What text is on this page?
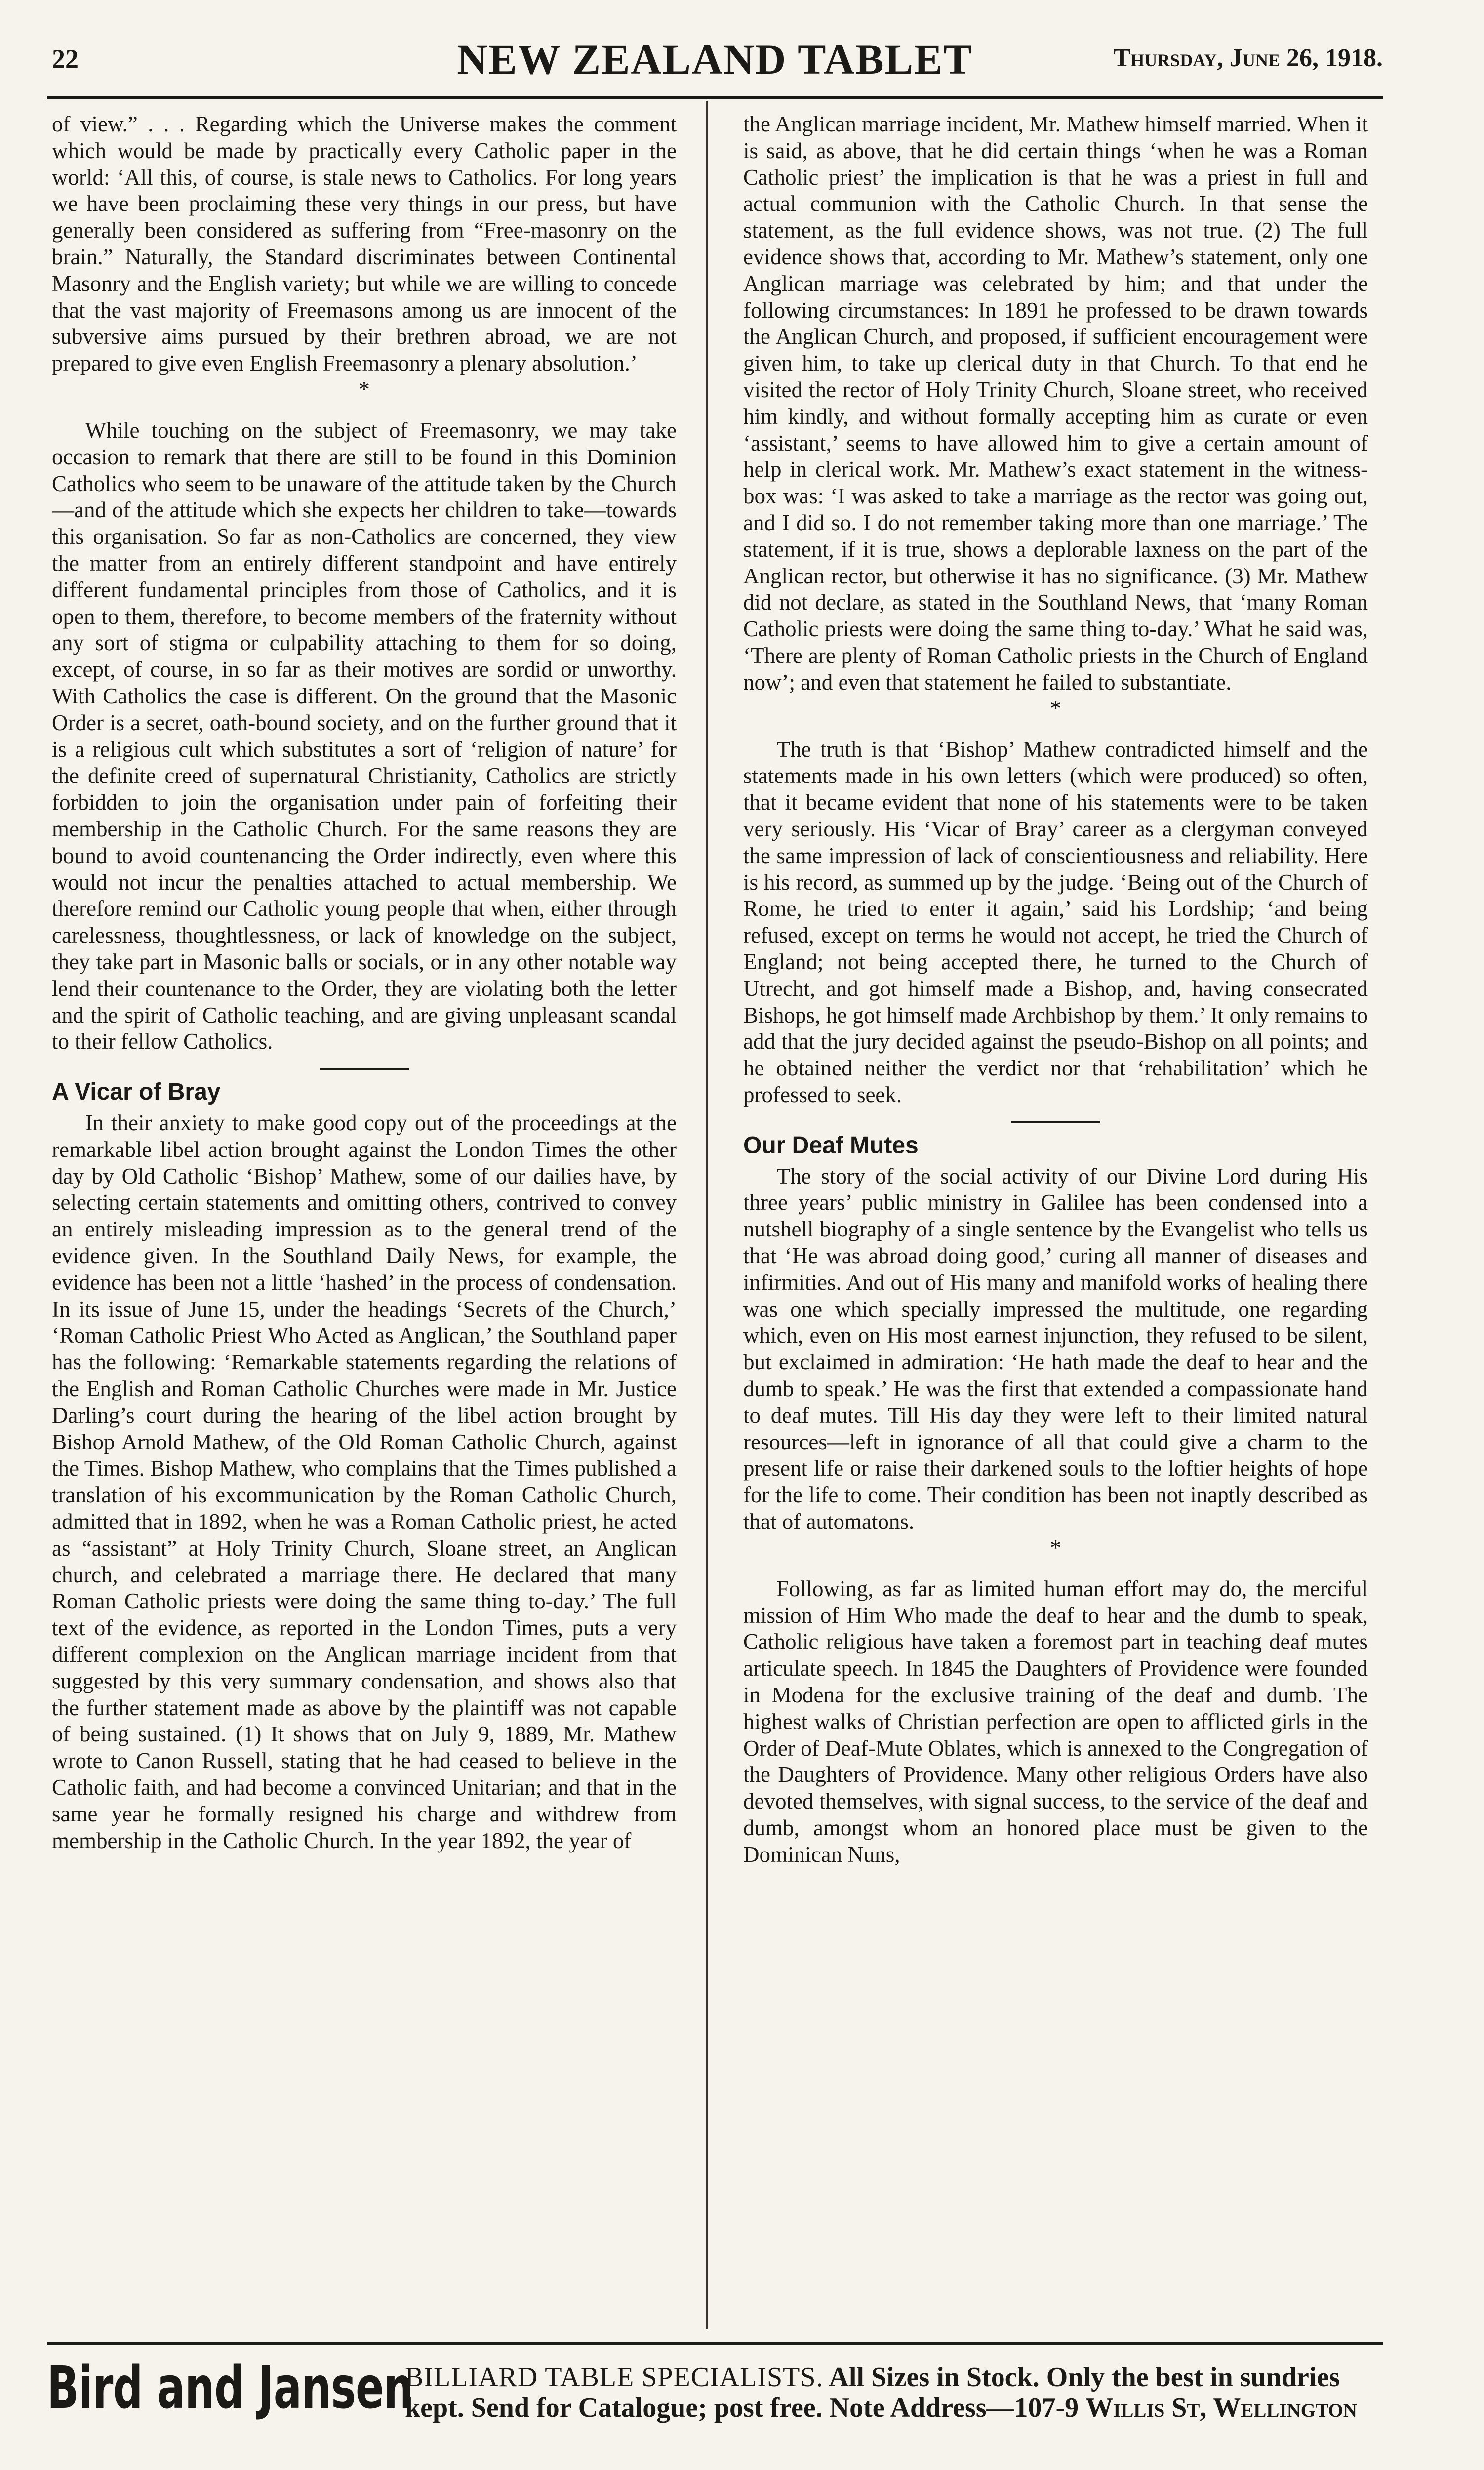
22	NEW ZEALAND TABLET	Thursday, June 26, 1918.

of view.” . . . Regarding which the Universe makes the comment which would be made by practically every Catholic paper in the world: ‘All this, of course, is stale news to Catholics. For long years we have been proclaiming these very things in our press, but have generally been considered as suffering from “Free-masonry on the brain.” Naturally, the Standard discriminates between Continental Masonry and the English variety; but while we are willing to concede that the vast majority of Freemasons among us are innocent of the subversive aims pursued by their brethren abroad, we are not prepared to give even English Freemasonry a plenary absolution.’

*

While touching on the subject of Freemasonry, we may take occasion to remark that there are still to be found in this Dominion Catholics who seem to be unaware of the attitude taken by the Church—and of the attitude which she expects her children to take—towards this organisation. So far as non-Catholics are concerned, they view the matter from an entirely different standpoint and have entirely different fundamental principles from those of Catholics, and it is open to them, therefore, to become members of the fraternity without any sort of stigma or culpability attaching to them for so doing, except, of course, in so far as their motives are sordid or unworthy. With Catholics the case is different. On the ground that the Masonic Order is a secret, oath-bound society, and on the further ground that it is a religious cult which substitutes a sort of ‘religion of nature’ for the definite creed of supernatural Christianity, Catholics are strictly forbidden to join the organisation under pain of forfeiting their membership in the Catholic Church. For the same reasons they are bound to avoid countenancing the Order indirectly, even where this would not incur the penalties attached to actual membership. We therefore remind our Catholic young people that when, either through carelessness, thoughtlessness, or lack of knowledge on the subject, they take part in Masonic balls or socials, or in any other notable way lend their countenance to the Order, they are violating both the letter and the spirit of Catholic teaching, and are giving unpleasant scandal to their fellow Catholics.

A Vicar of Bray

In their anxiety to make good copy out of the proceedings at the remarkable libel action brought against the London Times the other day by Old Catholic ‘Bishop’ Mathew, some of our dailies have, by selecting certain statements and omitting others, contrived to convey an entirely misleading impression as to the general trend of the evidence given. In the Southland Daily News, for example, the evidence has been not a little ‘hashed’ in the process of condensation. In its issue of June 15, under the headings ‘Secrets of the Church,’ ‘Roman Catholic Priest Who Acted as Anglican,’ the Southland paper has the following: ‘Remarkable statements regarding the relations of the English and Roman Catholic Churches were made in Mr. Justice Darling’s court during the hearing of the libel action brought by Bishop Arnold Mathew, of the Old Roman Catholic Church, against the Times. Bishop Mathew, who complains that the Times published a translation of his excommunication by the Roman Catholic Church, admitted that in 1892, when he was a Roman Catholic priest, he acted as “assistant” at Holy Trinity Church, Sloane street, an Anglican church, and celebrated a marriage there. He declared that many Roman Catholic priests were doing the same thing to-day.’ The full text of the evidence, as reported in the London Times, puts a very different complexion on the Anglican marriage incident from that suggested by this very summary condensation, and shows also that the further statement made as above by the plaintiff was not capable of being sustained. (1) It shows that on July 9, 1889, Mr. Mathew wrote to Canon Russell, stating that he had ceased to believe in the Catholic faith, and had become a convinced Unitarian; and that in the same year he formally resigned his charge and withdrew from membership in the Catholic Church. In the year 1892, the year of

the Anglican marriage incident, Mr. Mathew himself married. When it is said, as above, that he did certain things ‘when he was a Roman Catholic priest’ the implication is that he was a priest in full and actual communion with the Catholic Church. In that sense the statement, as the full evidence shows, was not true. (2) The full evidence shows that, according to Mr. Mathew’s statement, only one Anglican marriage was celebrated by him; and that under the following circumstances: In 1891 he professed to be drawn towards the Anglican Church, and proposed, if sufficient encouragement were given him, to take up clerical duty in that Church. To that end he visited the rector of Holy Trinity Church, Sloane street, who received him kindly, and without formally accepting him as curate or even ‘assistant,’ seems to have allowed him to give a certain amount of help in clerical work. Mr. Mathew’s exact statement in the witness-box was: ‘I was asked to take a marriage as the rector was going out, and I did so. I do not remember taking more than one marriage.’ The statement, if it is true, shows a deplorable laxness on the part of the Anglican rector, but otherwise it has no significance. (3) Mr. Mathew did not declare, as stated in the Southland News, that ‘many Roman Catholic priests were doing the same thing to-day.’ What he said was, ‘There are plenty of Roman Catholic priests in the Church of England now’; and even that statement he failed to substantiate.

*

The truth is that ‘Bishop’ Mathew contradicted himself and the statements made in his own letters (which were produced) so often, that it became evident that none of his statements were to be taken very seriously. His ‘Vicar of Bray’ career as a clergyman conveyed the same impression of lack of conscientiousness and reliability. Here is his record, as summed up by the judge. ‘Being out of the Church of Rome, he tried to enter it again,’ said his Lordship; ‘and being refused, except on terms he would not accept, he tried the Church of England; not being accepted there, he turned to the Church of Utrecht, and got himself made a Bishop, and, having consecrated Bishops, he got himself made Archbishop by them.’ It only remains to add that the jury decided against the pseudo-Bishop on all points; and he obtained neither the verdict nor that ‘rehabilitation’ which he professed to seek.

Our Deaf Mutes

The story of the social activity of our Divine Lord during His three years’ public ministry in Galilee has been condensed into a nutshell biography of a single sentence by the Evangelist who tells us that ‘He was abroad doing good,’ curing all manner of diseases and infirmities. And out of His many and manifold works of healing there was one which specially impressed the multitude, one regarding which, even on His most earnest injunction, they refused to be silent, but exclaimed in admiration: ‘He hath made the deaf to hear and the dumb to speak.’ He was the first that extended a compassionate hand to deaf mutes. Till His day they were left to their limited natural resources—left in ignorance of all that could give a charm to the present life or raise their darkened souls to the loftier heights of hope for the life to come. Their condition has been not inaptly described as that of automatons.

*

Following, as far as limited human effort may do, the merciful mission of Him Who made the deaf to hear and the dumb to speak, Catholic religious have taken a foremost part in teaching deaf mutes articulate speech. In 1845 the Daughters of Providence were founded in Modena for the exclusive training of the deaf and dumb. The highest walks of Christian perfection are open to afflicted girls in the Order of Deaf-Mute Oblates, which is annexed to the Congregation of the Daughters of Providence. Many other religious Orders have also devoted themselves, with signal success, to the service of the deaf and dumb, amongst whom an honored place must be given to the Dominican Nuns,

Bird and Jansen
BILLIARD TABLE SPECIALISTS. All Sizes in Stock. Only the best in sundries
kept. Send for Catalogue; post free. Note Address—107-9 Willis St, Wellington
